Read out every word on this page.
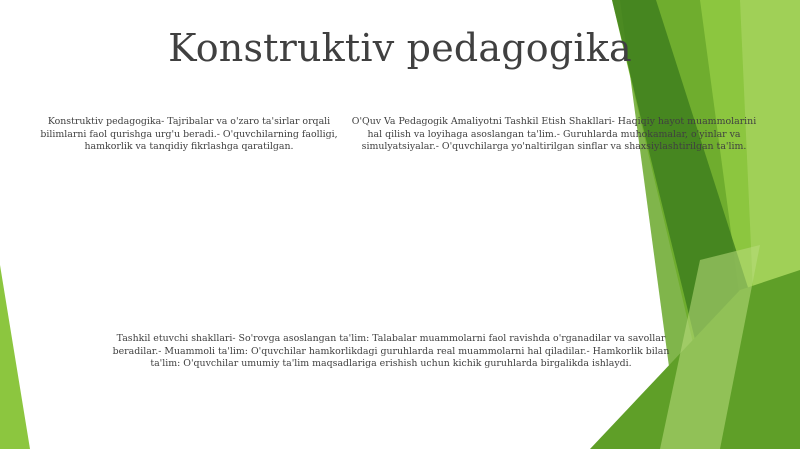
Konstruktiv pedagogika
Konstruktiv pedagogika- Tajribalar va o'zaro ta'sirlar orqali bilimlarni faol qurishga urg'u beradi.- O'quvchilarning faolligi, hamkorlik va tanqidiy fikrlashga qaratilgan.
O'Quv Va Pedagogik Amaliyotni Tashkil Etish Shakllari- Haqiqiy hayot muammolarini hal qilish va loyihaga asoslangan ta'lim.- Guruhlarda muhokamalar, o'yinlar va simulyatsiyalar.- O'quvchilarga yo'naltirilgan sinflar va shaxsiylashtirilgan ta'lim.
Tashkil etuvchi shakllari- So'rovga asoslangan ta'lim: Talabalar muammolarni faol ravishda o'rganadilar va savollar beradilar.- Muammoli ta'lim: O'quvchilar hamkorlikdagi guruhlarda real muammolarni hal qiladilar.- Hamkorlik bilan ta'lim: O'quvchilar umumiy ta'lim maqsadlariga erishish uchun kichik guruhlarda birgalikda ishlaydi.
